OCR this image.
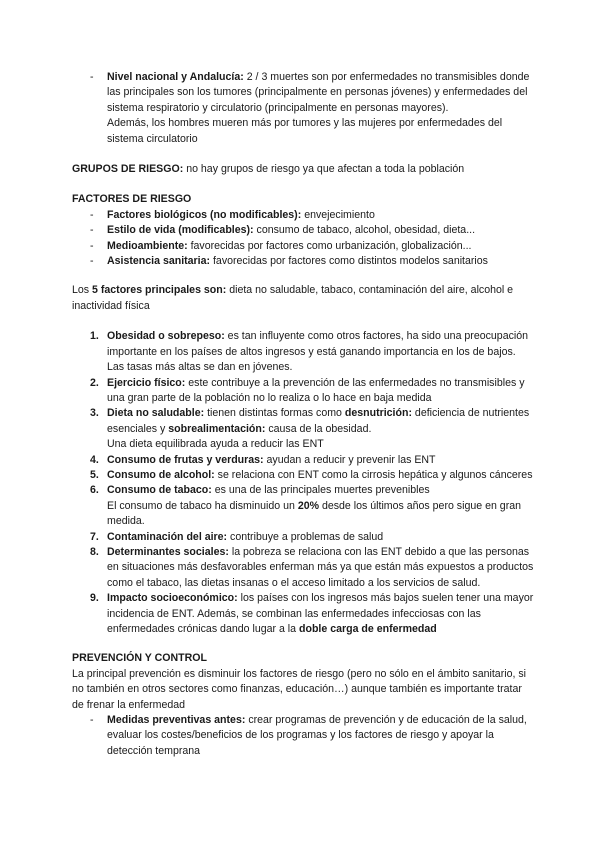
- Nivel nacional y Andalucía: 2 / 3 muertes son por enfermedades no transmisibles donde las principales son los tumores (principalmente en personas jóvenes) y enfermedades del sistema respiratorio y circulatorio (principalmente en personas mayores).
Además, los hombres mueren más por tumores y las mujeres por enfermedades del sistema circulatorio
GRUPOS DE RIESGO: no hay grupos de riesgo ya que afectan a toda la población
FACTORES DE RIESGO
- Factores biológicos (no modificables): envejecimiento
- Estilo de vida (modificables): consumo de tabaco, alcohol, obesidad, dieta...
- Medioambiente: favorecidas por factores como urbanización, globalización...
- Asistencia sanitaria: favorecidas por factores como distintos modelos sanitarios
Los 5 factores principales son: dieta no saludable, tabaco, contaminación del aire, alcohol e inactividad física
1. Obesidad o sobrepeso: es tan influyente como otros factores, ha sido una preocupación importante en los países de altos ingresos y está ganando importancia en los de bajos. Las tasas más altas se dan en jóvenes.
2. Ejercicio físico: este contribuye a la prevención de las enfermedades no transmisibles y una gran parte de la población no lo realiza o lo hace en baja medida
3. Dieta no saludable: tienen distintas formas como desnutrición: deficiencia de nutrientes esenciales y sobrealimentación: causa de la obesidad.
Una dieta equilibrada ayuda a reducir las ENT
4. Consumo de frutas y verduras: ayudan a reducir y prevenir las ENT
5. Consumo de alcohol: se relaciona con ENT como la cirrosis hepática y algunos cánceres
6. Consumo de tabaco: es una de las principales muertes prevenibles
El consumo de tabaco ha disminuido un 20% desde los últimos años pero sigue en gran medida.
7. Contaminación del aire: contribuye a problemas de salud
8. Determinantes sociales: la pobreza se relaciona con las ENT debido a que las personas en situaciones más desfavorables enferman más ya que están más expuestos a productos como el tabaco, las dietas insanas o el acceso limitado a los servicios de salud.
9. Impacto socioeconómico: los países con los ingresos más bajos suelen tener una mayor incidencia de ENT. Además, se combinan las enfermedades infecciosas con las enfermedades crónicas dando lugar a la doble carga de enfermedad
PREVENCIÓN Y CONTROL
La principal prevención es disminuir los factores de riesgo (pero no sólo en el ámbito sanitario, si no también en otros sectores como finanzas, educación…) aunque también es importante tratar de frenar la enfermedad
- Medidas preventivas antes: crear programas de prevención y de educación de la salud, evaluar los costes/beneficios de los programas y los factores de riesgo y apoyar la detección temprana
